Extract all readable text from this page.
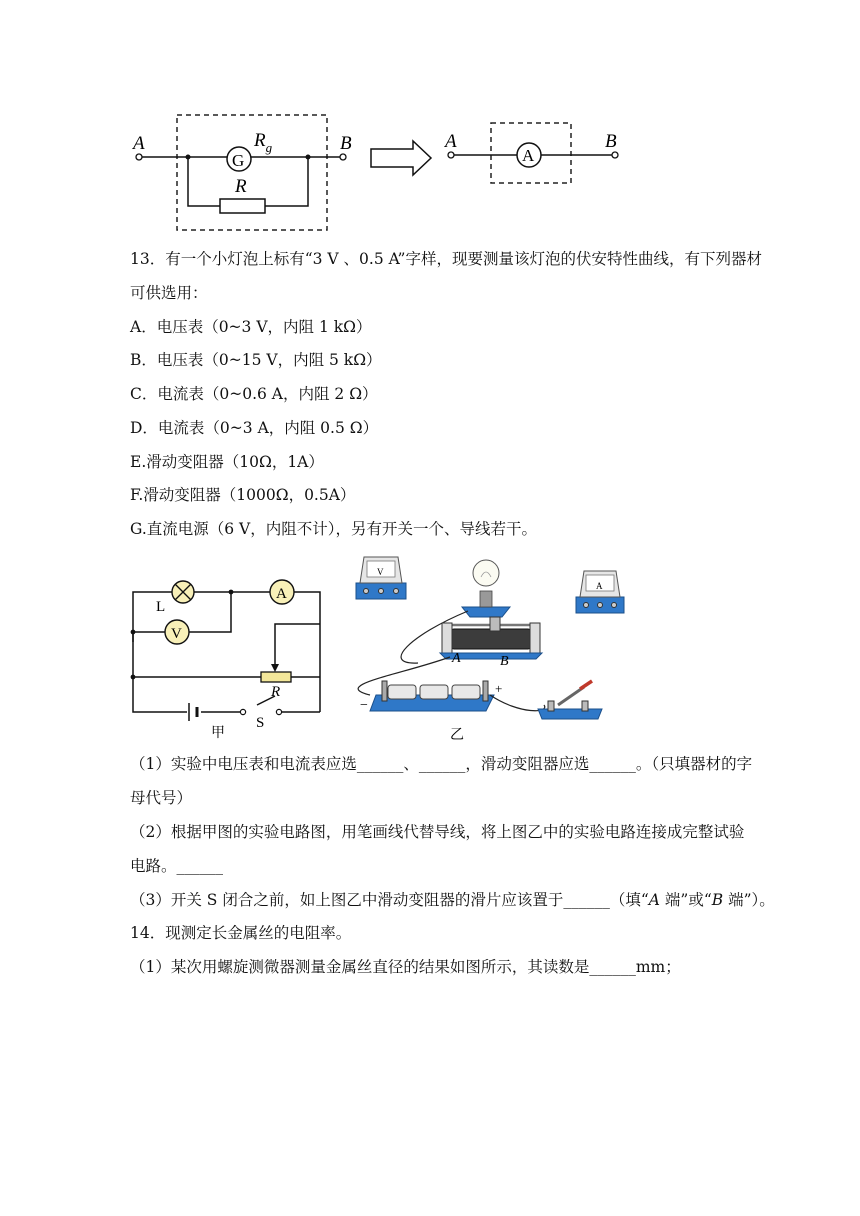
A	B
G
$R_g$
R
A
A	B
13．有一个小灯泡上标有“3 V 、0.5 A”字样，现要测量该灯泡的伏安特性曲线，有下列器材
可供选用：
A．电压表（0~3 V，内阻 1 kΩ）
B．电压表（0~15 V，内阻 5 kΩ）
C．电流表（0~0.6 A，内阻 2 Ω）
D．电流表（0~3 A，内阻 0.5 Ω）
E.滑动变阻器（10Ω，1A）
F.滑动变阻器（1000Ω，0.5A）
G.直流电源（6 V，内阻不计），另有开关一个、导线若干。
V
A
L
R
S
甲
V
A
A	B
−
+
乙
（1）实验中电压表和电流表应选______、______，滑动变阻器应选______。（只填器材的字
母代号）
（2）根据甲图的实验电路图，用笔画线代替导线，将上图乙中的实验电路连接成完整试验
电路。______
（3）开关 S 闭合之前，如上图乙中滑动变阻器的滑片应该置于______（填“A 端”或“B 端”）。
14．现测定长金属丝的电阻率。
（1）某次用螺旋测微器测量金属丝直径的结果如图所示，其读数是______mm；
